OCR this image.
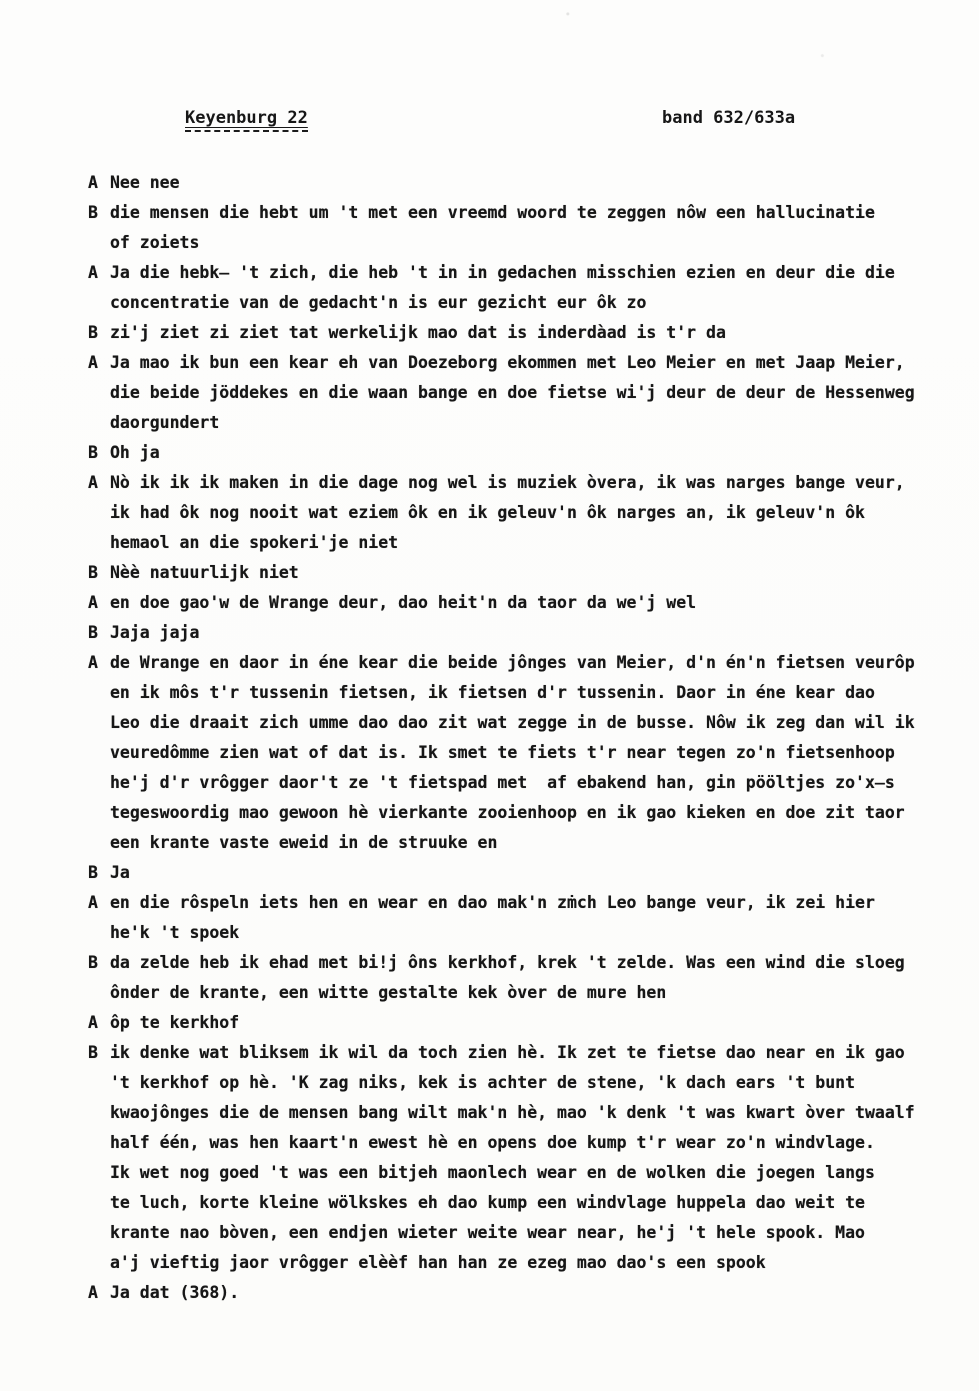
Keyenburg 22	band 632/633a
A Nee nee
B die mensen die hebt um 't met een vreemd woord te zeggen nôw een hallucinatie
of zoiets
A Ja die hebk̶ 't zich, die heb 't in in gedachen misschien ezien en deur die die
concentratie van de gedacht'n is eur gezicht eur ôk zo
B zi'j ziet zi ziet tat werkelijk mao dat is inderdàad is t'r da
A Ja mao ik bun een kear eh van Doezeborg ekommen met Leo Meier en met Jaap Meier,
die beide jöddekes en die waan bange en doe fietse wi'j deur de deur de Hessenweg
daorgundert
B Oh ja
A Nò ik ik ik maken in die dage nog wel is muziek òvera, ik was narges bange veur,
ik had ôk nog nooit wat eziem ôk en ik geleuv'n ôk narges an, ik geleuv'n ôk
hemaol an die spokeri'je niet
B Nèè natuurlijk niet
A en doe gao'w de Wrange deur, dao heit'n da taor da we'j wel
B Jaja jaja
A de Wrange en daor in éne kear die beide jônges van Meier, d'n én'n fietsen veurôp
en ik môs t'r tussenin fietsen, ik fietsen d'r tussenin. Daor in éne kear dao
Leo die draait zich umme dao dao zit wat zegge in de busse. Nôw ik zeg dan wil ik
veuredômme zien wat of dat is. Ik smet te fiets t'r near tegen zo'n fietsenhoop
he'j d'r vrôgger daor't ze 't fietspad met  af ebakend han, gin pööltjes zo'x̶s
tegeswoordig mao gewoon hè vierkante zooienhoop en ik gao kieken en doe zit taor
een krante vaste eweid in de struuke en
B Ja
A en die rôspeln iets hen en wear en dao mak'n zṁch Leo bange veur, ik zei hier
he'k 't spoek
B da zelde heb ik ehad met bi!j ôns kerkhof, krek 't zelde. Was een wind die sloeg
ônder de krante, een witte gestalte kek òver de mure hen
A ôp te kerkhof
B ik denke wat bliksem ik wil da toch zien hè. Ik zet te fietse dao near en ik gao
't kerkhof op hè. 'K zag niks, kek is achter de stene, 'k dach ears 't bunt
kwaojônges die de mensen bang wilt mak'n hè, mao 'k denk 't was kwart òver twaalf
half één, was hen kaart'n ewest hè en opens doe kump t'r wear zo'n windvlage.
Ik wet nog goed 't was een bitjeh maonlech wear en de wolken die joegen langs
te luch, korte kleine wölkskes eh dao kump een windvlage huppela dao weit te
krante nao bòven, een endjen wieter weite wear near, he'j 't hele spook. Mao
a'j vieftig jaor vrôgger elèèf han han ze ezeg mao dao's een spook
A Ja dat (368).
